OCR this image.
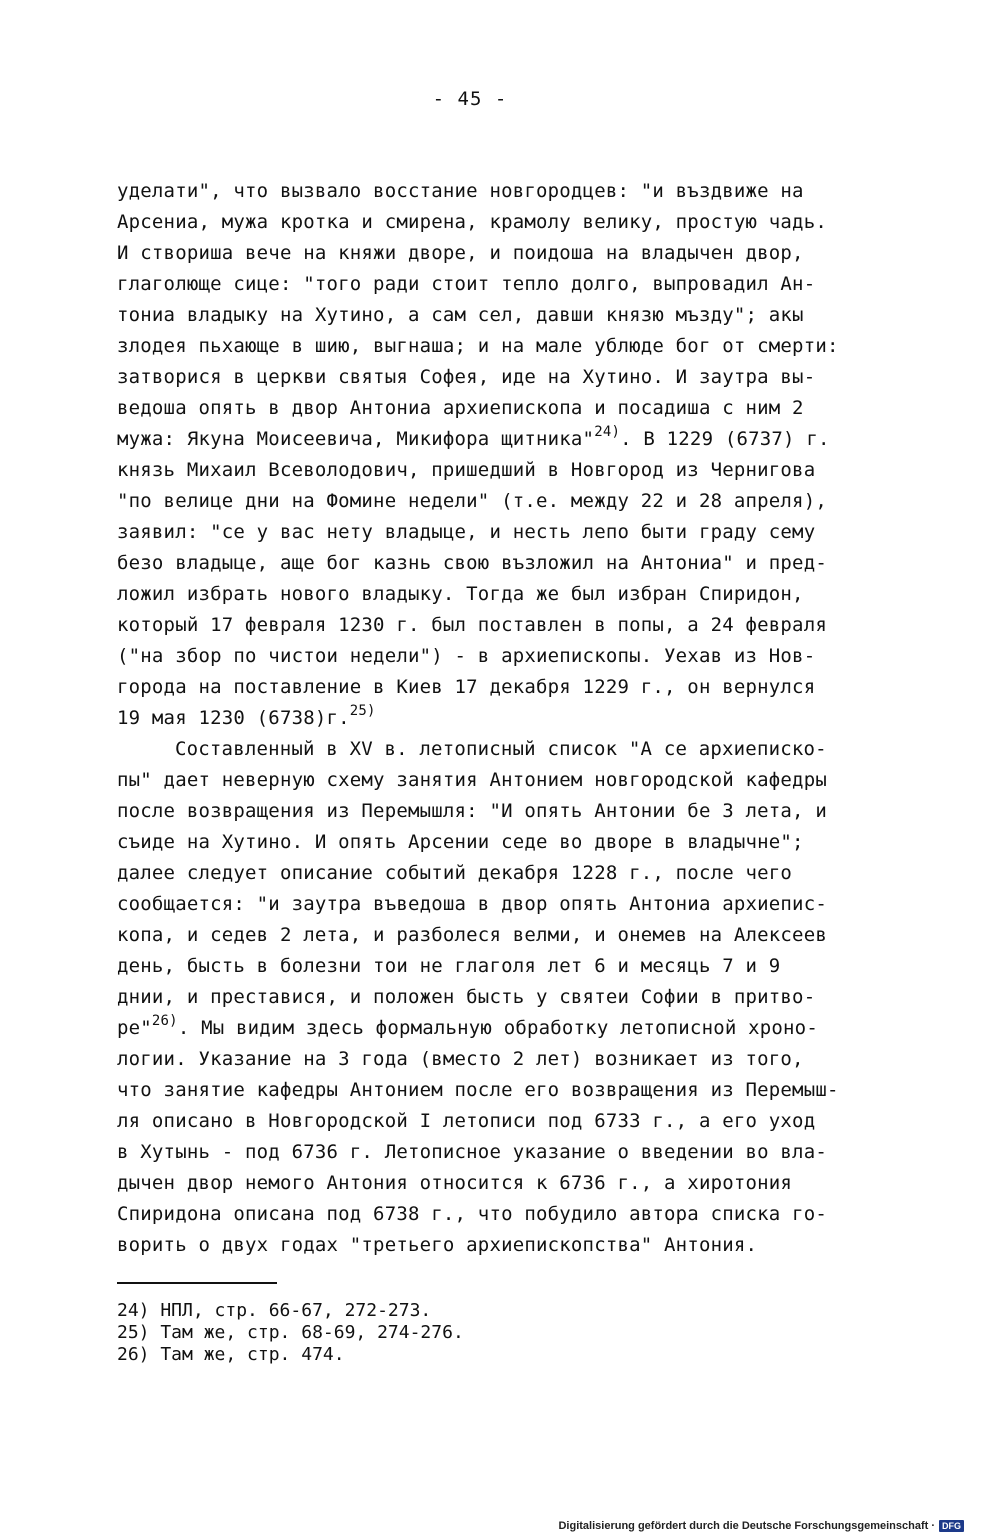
- 45 -
уделати", что вызвало восстание новгородцев: "и въздвиже на
Арсениа, мужа кротка и смирена, крамолу велику, простую чадь.
И створиша вече на княжи дворе, и поидоша на владычен двор,
глаголюще сице: "того ради стоит тепло долго, выпровадил Ан-
тониа владыку на Хутино, а сам сел, давши князю мъзду"; акы
злодея пьхающе в шию, выгнаша; и на мале ублюде бог от смерти:
затворися в церкви святыя Софея, иде на Хутино. И заутра вы-
ведоша опять в двор Антониа архиепископа и посадиша с ним 2
мужа: Якуна Моисеевича, Микифора щитника"$^{24)}$. В 1229 (6737) г.
князь Михаил Всеволодович, пришедший в Новгород из Чернигова
"по велице дни на Фомине недели" (т.е. между 22 и 28 апреля),
заявил: "се у вас нету владыце, и несть лепо быти граду сему
безо владыце, аще бог казнь свою възложил на Антониа" и пред-
ложил избрать нового владыку. Тогда же был избран Спиридон,
который 17 февраля 1230 г. был поставлен в попы, а 24 февраля
("на збор по чистои недели") - в архиепископы. Уехав из Нов-
города на поставление в Киев 17 декабря 1229 г., он вернулся
19 мая 1230 (6738)г.$^{25)}$
Составленный в XV в. летописный список "А се архиеписко-
пы" дает неверную схему занятия Антонием новгородской кафедры
после возвращения из Перемышля: "И опять Антонии бе 3 лета, и
съиде на Хутино. И опять Арсении седе во дворе в владычне";
далее следует описание событий декабря 1228 г., после чего
сообщается: "и заутра въведоша в двор опять Антониа архиепис-
копа, и седев 2 лета, и разболеся велми, и онемев на Алексеев
день, бысть в болезни тои не глаголя лет 6 и месяць 7 и 9
днии, и преставися, и положен бысть у святеи Софии в притво-
ре"$^{26)}$. Мы видим здесь формальную обработку летописной хроно-
логии. Указание на 3 года (вместо 2 лет) возникает из того,
что занятие кафедры Антонием после его возвращения из Перемыш-
ля описано в Новгородской I летописи под 6733 г., а его уход
в Хутынь - под 6736 г. Летописное указание о введении во вла-
дычен двор немого Антония относится к 6736 г., а хиротония
Спиридона описана под 6738 г., что побудило автора списка го-
ворить о двух годах "третьего архиепископства" Антония.
24) НПЛ, стр. 66-67, 272-273.
25) Там же, стр. 68-69, 274-276.
26) Там же, стр. 474.
Digitalisierung gefördert durch die Deutsche Forschungsgemeinschaft · DFG
